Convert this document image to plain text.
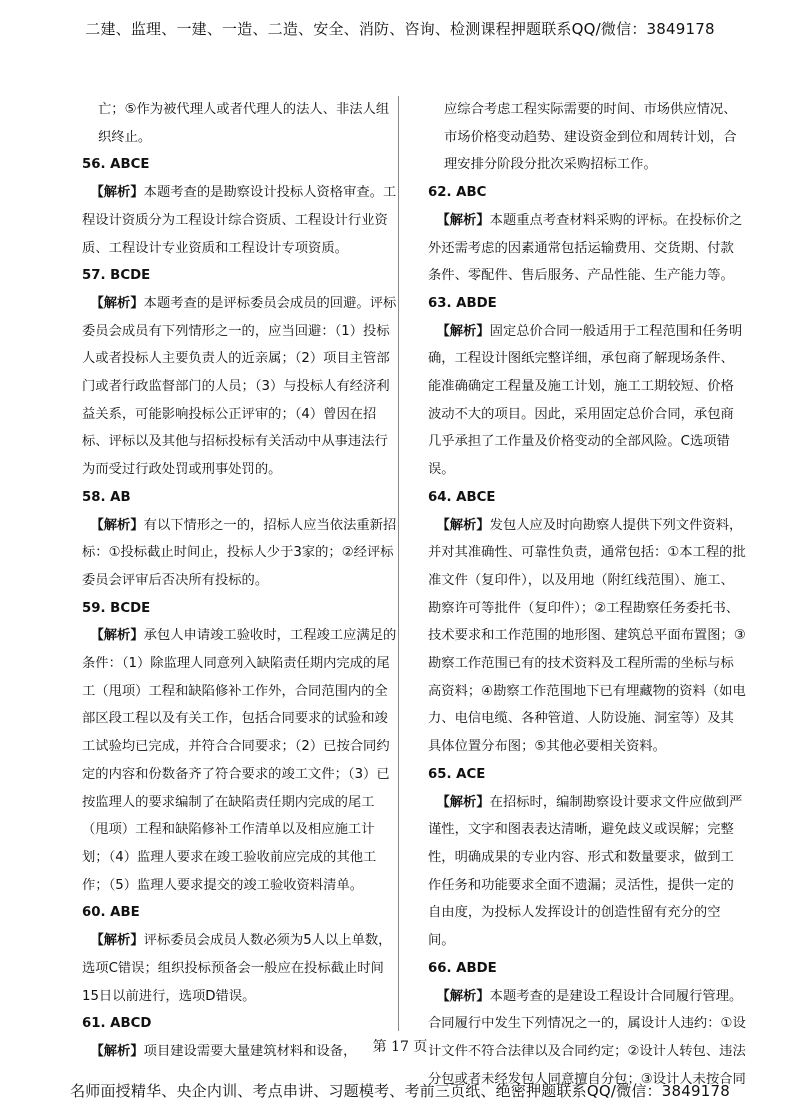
二建、监理、一建、一造、二造、安全、消防、咨询、检测课程押题联系QQ/微信：3849178

亡；⑤作为被代理人或者代理人的法人、非法人组织终止。

56. ABCE

【解析】本题考查的是勘察设计投标人资格审查。工程设计资质分为工程设计综合资质、工程设计行业资质、工程设计专业资质和工程设计专项资质。

57. BCDE

【解析】本题考查的是评标委员会成员的回避。评标委员会成员有下列情形之一的，应当回避：（1）投标人或者投标人主要负责人的近亲属；（2）项目主管部门或者行政监督部门的人员；（3）与投标人有经济利益关系，可能影响投标公正评审的；（4）曾因在招标、评标以及其他与招标投标有关活动中从事违法行为而受过行政处罚或刑事处罚的。

58. AB

【解析】有以下情形之一的，招标人应当依法重新招标：①投标截止时间止，投标人少于3家的；②经评标委员会评审后否决所有投标的。

59. BCDE

【解析】承包人申请竣工验收时，工程竣工应满足的条件：（1）除监理人同意列入缺陷责任期内完成的尾工（甩项）工程和缺陷修补工作外，合同范围内的全部区段工程以及有关工作，包括合同要求的试验和竣工试验均已完成，并符合合同要求；（2）已按合同约定的内容和份数备齐了符合要求的竣工文件；（3）已按监理人的要求编制了在缺陷责任期内完成的尾工（甩项）工程和缺陷修补工作清单以及相应施工计划；（4）监理人要求在竣工验收前应完成的其他工作；（5）监理人要求提交的竣工验收资料清单。

60. ABE

【解析】评标委员会成员人数必须为5人以上单数，选项C错误；组织投标预备会一般应在投标截止时间15日以前进行，选项D错误。

61. ABCD

【解析】项目建设需要大量建筑材料和设备，

应综合考虑工程实际需要的时间、市场供应情况、市场价格变动趋势、建设资金到位和周转计划，合理安排分阶段分批次采购招标工作。

62. ABC

【解析】本题重点考查材料采购的评标。在投标价之外还需考虑的因素通常包括运输费用、交货期、付款条件、零配件、售后服务、产品性能、生产能力等。

63. ABDE

【解析】固定总价合同一般适用于工程范围和任务明确，工程设计图纸完整详细，承包商了解现场条件、能准确确定工程量及施工计划，施工工期较短、价格波动不大的项目。因此，采用固定总价合同，承包商几乎承担了工作量及价格变动的全部风险。C选项错误。

64. ABCE

【解析】发包人应及时向勘察人提供下列文件资料，并对其准确性、可靠性负责，通常包括：①本工程的批准文件（复印件），以及用地（附红线范围）、施工、勘察许可等批件（复印件）；②工程勘察任务委托书、技术要求和工作范围的地形图、建筑总平面布置图；③勘察工作范围已有的技术资料及工程所需的坐标与标高资料；④勘察工作范围地下已有埋藏物的资料（如电力、电信电缆、各种管道、人防设施、洞室等）及其具体位置分布图；⑤其他必要相关资料。

65. ACE

【解析】在招标时，编制勘察设计要求文件应做到严谨性，文字和图表表达清晰，避免歧义或误解；完整性，明确成果的专业内容、形式和数量要求，做到工作任务和功能要求全面不遗漏；灵活性，提供一定的自由度，为投标人发挥设计的创造性留有充分的空间。

66. ABDE

【解析】本题考查的是建设工程设计合同履行管理。合同履行中发生下列情况之一的，属设计人违约：①设计文件不符合法律以及合同约定；②设计人转包、违法分包或者未经发包人同意擅自分包；③设计人未按合同

第 17 页
名师面授精华、央企内训、考点串讲、习题模考、考前三页纸、绝密押题联系QQ/微信：3849178
